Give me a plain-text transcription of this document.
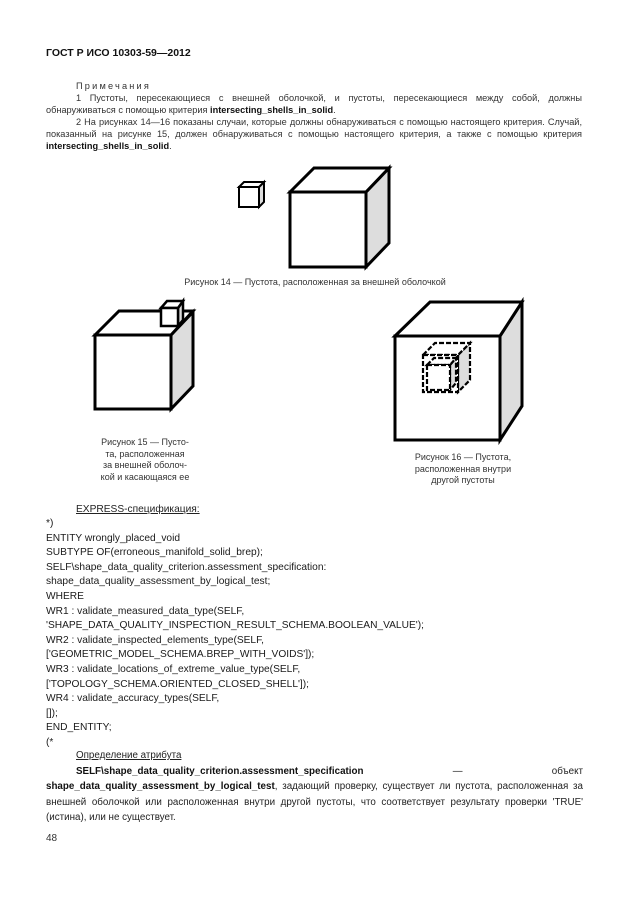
ГОСТ Р ИСО 10303-59—2012
Примечания
1 Пустоты, пересекающиеся с внешней оболочкой, и пустоты, пересекающиеся между собой, должны обнаруживаться с помощью критерия intersecting_shells_in_solid.
2 На рисунках 14—16 показаны случаи, которые должны обнаруживаться с помощью настоящего критерия. Случай, показанный на рисунке 15, должен обнаруживаться с помощью настоящего критерия, а также с помощью критерия intersecting_shells_in_solid.
Рисунок 14 — Пустота, расположенная за внешней оболочкой
Рисунок 15 — Пусто-
та, расположенная
за внешней оболоч-
кой и касающаяся ее
Рисунок 16 — Пустота,
расположенная внутри
другой пустоты
EXPRESS-спецификация:
*)
ENTITY wrongly_placed_void
SUBTYPE OF(erroneous_manifold_solid_brep);
SELF\shape_data_quality_criterion.assessment_specification:
shape_data_quality_assessment_by_logical_test;
WHERE
WR1 : validate_measured_data_type(SELF,
'SHAPE_DATA_QUALITY_INSPECTION_RESULT_SCHEMA.BOOLEAN_VALUE');
WR2 : validate_inspected_elements_type(SELF,
['GEOMETRIC_MODEL_SCHEMA.BREP_WITH_VOIDS']);
WR3 : validate_locations_of_extreme_value_type(SELF,
['TOPOLOGY_SCHEMA.ORIENTED_CLOSED_SHELL']);
WR4 : validate_accuracy_types(SELF,
[]);
END_ENTITY;
(*
Определение атрибута
SELF\shape_data_quality_criterion.assessment_specification — объект shape_data_quality_assessment_by_logical_test, задающий проверку, существует ли пустота, расположенная за внешней оболочкой или расположенная внутри другой пустоты, что соответствует результату проверки 'TRUE' (истина), или не существует.
48
